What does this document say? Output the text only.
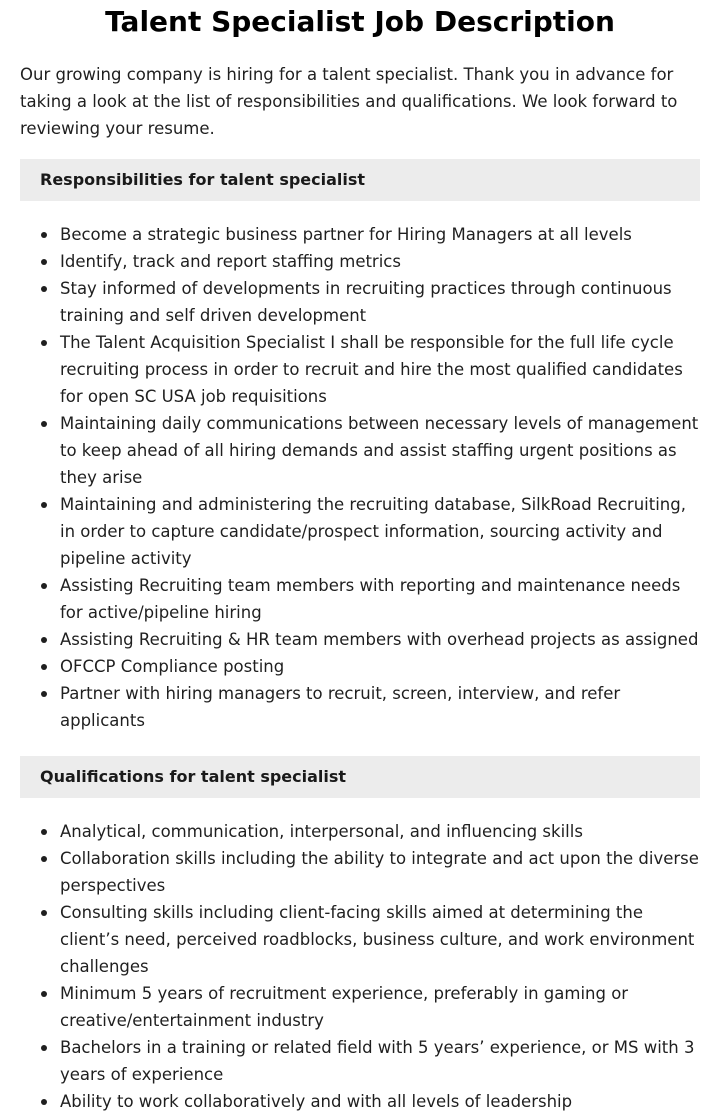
Talent Specialist Job Description

Our growing company is hiring for a talent specialist. Thank you in advance for taking a look at the list of responsibilities and qualifications. We look forward to reviewing your resume.

Responsibilities for talent specialist
Become a strategic business partner for Hiring Managers at all levels
Identify, track and report staffing metrics
Stay informed of developments in recruiting practices through continuous training and self driven development
The Talent Acquisition Specialist I shall be responsible for the full life cycle recruiting process in order to recruit and hire the most qualified candidates for open SC USA job requisitions
Maintaining daily communications between necessary levels of management to keep ahead of all hiring demands and assist staffing urgent positions as they arise
Maintaining and administering the recruiting database, SilkRoad Recruiting, in order to capture candidate/prospect information, sourcing activity and pipeline activity
Assisting Recruiting team members with reporting and maintenance needs for active/pipeline hiring
Assisting Recruiting & HR team members with overhead projects as assigned
OFCCP Compliance posting
Partner with hiring managers to recruit, screen, interview, and refer applicants
Qualifications for talent specialist
Analytical, communication, interpersonal, and influencing skills
Collaboration skills including the ability to integrate and act upon the diverse perspectives
Consulting skills including client-facing skills aimed at determining the client’s need, perceived roadblocks, business culture, and work environment challenges
Minimum 5 years of recruitment experience, preferably in gaming or creative/entertainment industry
Bachelors in a training or related field with 5 years’ experience, or MS with 3 years of experience
Ability to work collaboratively and with all levels of leadership
